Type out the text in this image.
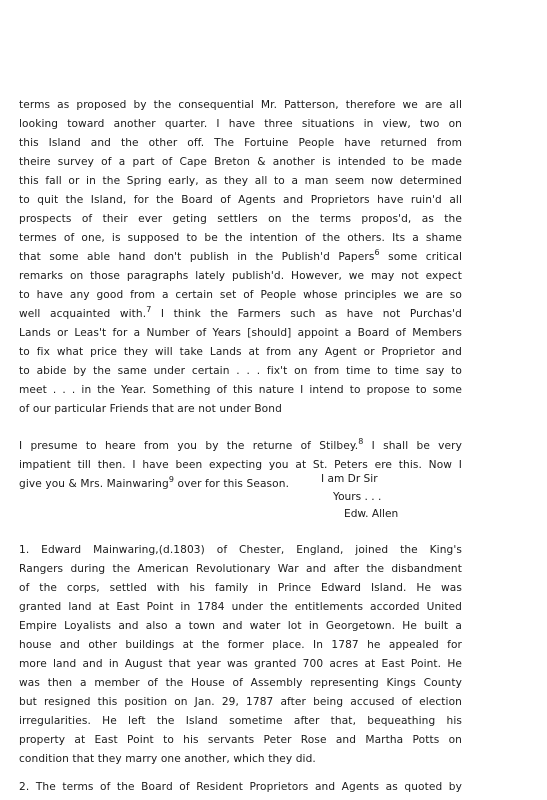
terms as proposed by the consequential Mr. Patterson, therefore we are all
looking toward another quarter. I have three situations in view, two on
this Island and the other off. The Fortuine People have returned from
theire survey of a part of Cape Breton & another is intended to be made
this fall or in the Spring early, as they all to a man seem now determined
to quit the Island, for the Board of Agents and Proprietors have ruin'd all
prospects of their ever geting settlers on the terms propos'd, as the
termes of one, is supposed to be the intention of the others. Its a shame
that some able hand don't publish in the Publish'd Papers$^6$ some critical
remarks on those paragraphs lately publish'd. However, we may not expect
to have any good from a certain set of People whose principles we are so
well acquainted with.$^7$ I think the Farmers such as have not Purchas'd
Lands or Leas't for a Number of Years [should] appoint a Board of Members
to fix what price they will take Lands at from any Agent or Proprietor and
to abide by the same under certain . . . fix't on from time to time say to
meet . . . in the Year. Something of this nature I intend to propose to some
of our particular Friends that are not under Bond
I presume to heare from you by the returne of Stilbey.$^8$ I shall be very
impatient till then. I have been expecting you at St. Peters ere this. Now I
give you & Mrs. Mainwaring$^9$ over for this Season.	I am Dr Sir
Yours . . .
Edw. Allen
1. Edward Mainwaring,(d.1803) of Chester, England, joined the King's
Rangers during the American Revolutionary War and after the disbandment
of the corps, settled with his family in Prince Edward Island. He was
granted land at East Point in 1784 under the entitlements accorded United
Empire Loyalists and also a town and water lot in Georgetown. He built a
house and other buildings at the former place. In 1787 he appealed for
more land and in August that year was granted 700 acres at East Point. He
was then a member of the House of Assembly representing Kings County
but resigned this position on Jan. 29, 1787 after being accused of election
irregularities. He left the Island sometime after that, bequeathing his
property at East Point to his servants Peter Rose and Martha Potts on
condition that they marry one another, which they did.
2. The terms of the Board of Resident Proprietors and Agents as quoted by
